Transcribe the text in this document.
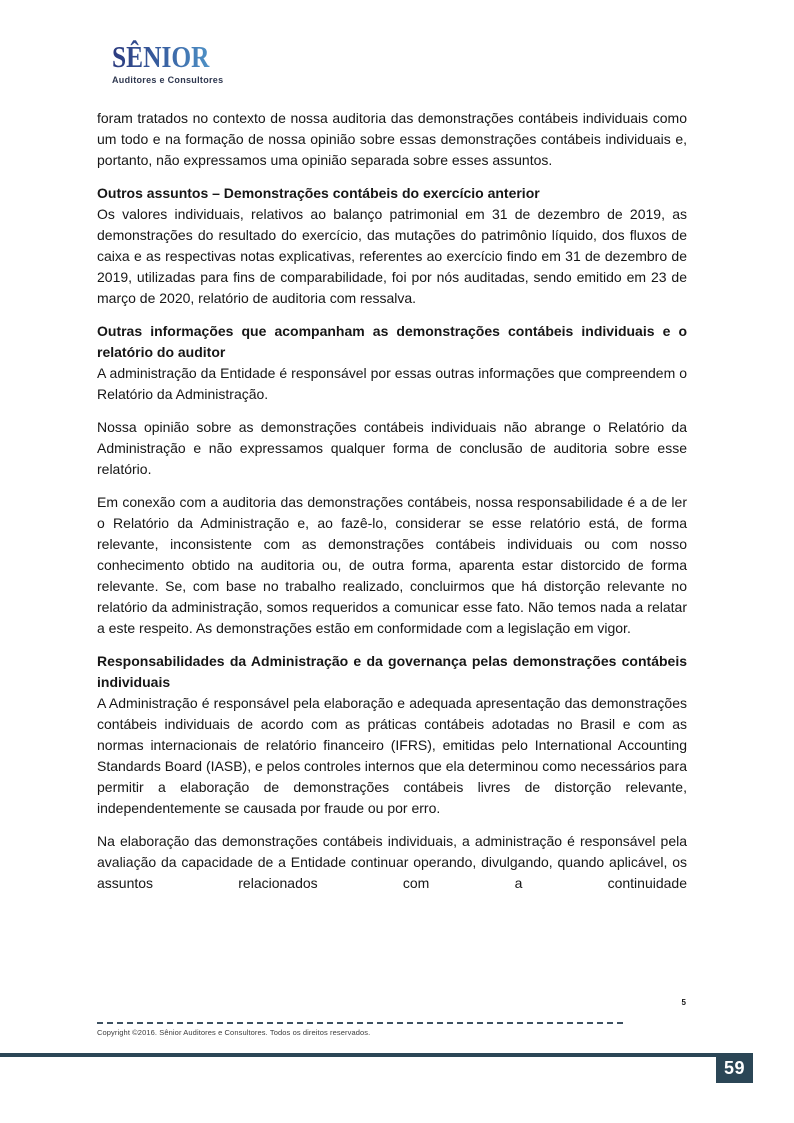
SÊNIOR
Auditores e Consultores
foram tratados no contexto de nossa auditoria das demonstrações contábeis individuais como um todo e na formação de nossa opinião sobre essas demonstrações contábeis individuais e, portanto, não expressamos uma opinião separada sobre esses assuntos.
Outros assuntos – Demonstrações contábeis do exercício anterior
Os valores individuais, relativos ao balanço patrimonial em 31 de dezembro de 2019, as demonstrações do resultado do exercício, das mutações do patrimônio líquido, dos fluxos de caixa e as respectivas notas explicativas, referentes ao exercício findo em 31 de dezembro de 2019, utilizadas para fins de comparabilidade, foi por nós auditadas, sendo emitido em 23 de março de 2020, relatório de auditoria com ressalva.
Outras informações que acompanham as demonstrações contábeis individuais e o relatório do auditor
A administração da Entidade é responsável por essas outras informações que compreendem o Relatório da Administração.
Nossa opinião sobre as demonstrações contábeis individuais não abrange o Relatório da Administração e não expressamos qualquer forma de conclusão de auditoria sobre esse relatório.
Em conexão com a auditoria das demonstrações contábeis, nossa responsabilidade é a de ler o Relatório da Administração e, ao fazê-lo, considerar se esse relatório está, de forma relevante, inconsistente com as demonstrações contábeis individuais ou com nosso conhecimento obtido na auditoria ou, de outra forma, aparenta estar distorcido de forma relevante. Se, com base no trabalho realizado, concluirmos que há distorção relevante no relatório da administração, somos requeridos a comunicar esse fato. Não temos nada a relatar a este respeito. As demonstrações estão em conformidade com a legislação em vigor.
Responsabilidades da Administração e da governança pelas demonstrações contábeis individuais
A Administração é responsável pela elaboração e adequada apresentação das demonstrações contábeis individuais de acordo com as práticas contábeis adotadas no Brasil e com as normas internacionais de relatório financeiro (IFRS), emitidas pelo International Accounting Standards Board (IASB), e pelos controles internos que ela determinou como necessários para permitir a elaboração de demonstrações contábeis livres de distorção relevante, independentemente se causada por fraude ou por erro.
Na elaboração das demonstrações contábeis individuais, a administração é responsável pela avaliação da capacidade de a Entidade continuar operando, divulgando, quando aplicável, os assuntos relacionados com a continuidade
5
Copyright ©2016. Sênior Auditores e Consultores. Todos os direitos reservados.
59
